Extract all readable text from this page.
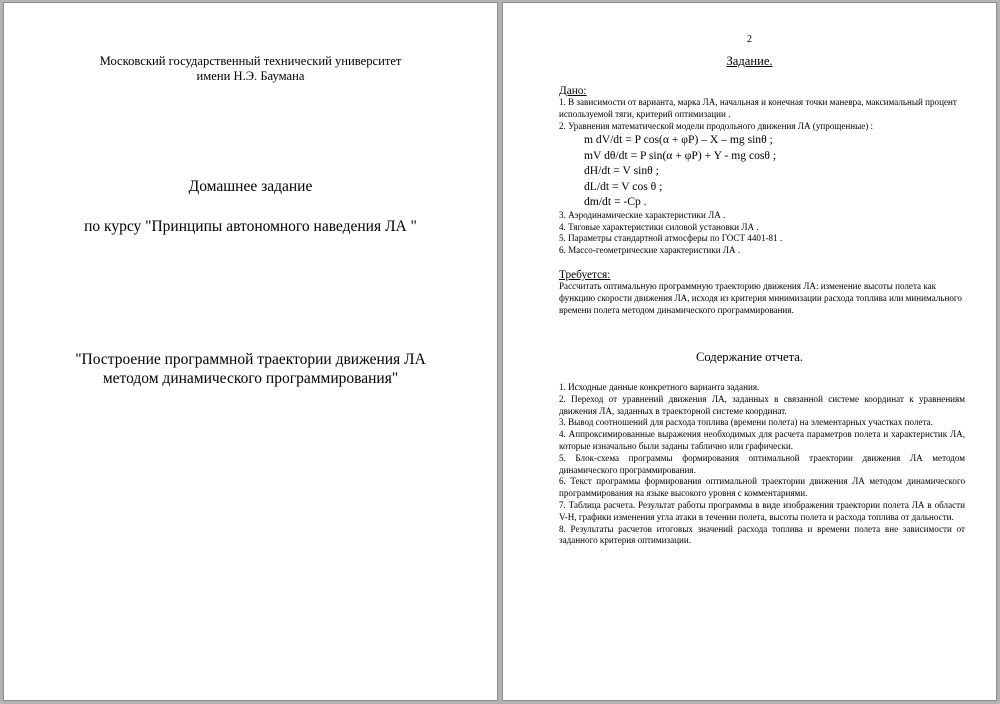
Московский государственный технический университет
имени Н.Э. Баумана
Домашнее задание
по курсу "Принципы автономного наведения ЛА "
"Построение программной траектории движения ЛА
методом динамического программирования"
2
Задание.

Дано:

1. В зависимости от варианта, марка ЛА, начальная и конечная точки маневра, максимальный процент используемой тяги, критерий оптимизации .

2. Уравнения математической модели продольного движения ЛА (упрощенные) :

m dV/dt = P cos(α + φP) – X – mg sinθ ;

mV dθ/dt = P sin(α + φP) + Y - mg cosθ ;

dH/dt = V sinθ ;

dL/dt = V cos θ ;

dm/dt = -Cp .

3. Аэродинамические характеристики ЛА .

4. Тяговые характеристики силовой установки ЛА .

5. Параметры стандартной атмосферы по ГОСТ 4401-81 .

6. Массо-геометрические характеристики ЛА .

Требуется:

Рассчитать оптимальную программную траекторию движения ЛА: изменение высоты полета как функцию скорости движения ЛА, исходя из критерия минимизации расхода топлива или минимального времени полета методом динамического программирования.

Содержание отчета.

1. Исходные данные конкретного варианта задания.

2. Переход от уравнений движения ЛА, заданных в связанной системе координат к уравнениям движения ЛА, заданных в траекторной системе координат.

3. Вывод соотношений для расхода топлива (времени полета) на элементарных участках полета.

4. Аппроксимированные выражения необходимых для расчета параметров полета и характеристик ЛА, которые изначально были заданы таблично или графически.

5. Блок-схема программы формирования оптимальной траектории движения ЛА методом динамического программирования.

6. Текст программы формирования оптимальной траектории движения ЛА методом динамического программирования на языке высокого уровня с комментариями.

7. Таблица расчета. Результат работы программы в виде изображения траектории полета ЛА в области V-H, графики изменения угла атаки в течении полета, высоты полета и расхода топлива от дальности.

8. Результаты расчетов итоговых значений расхода топлива и времени полета вне зависимости от заданного критерия оптимизации.
